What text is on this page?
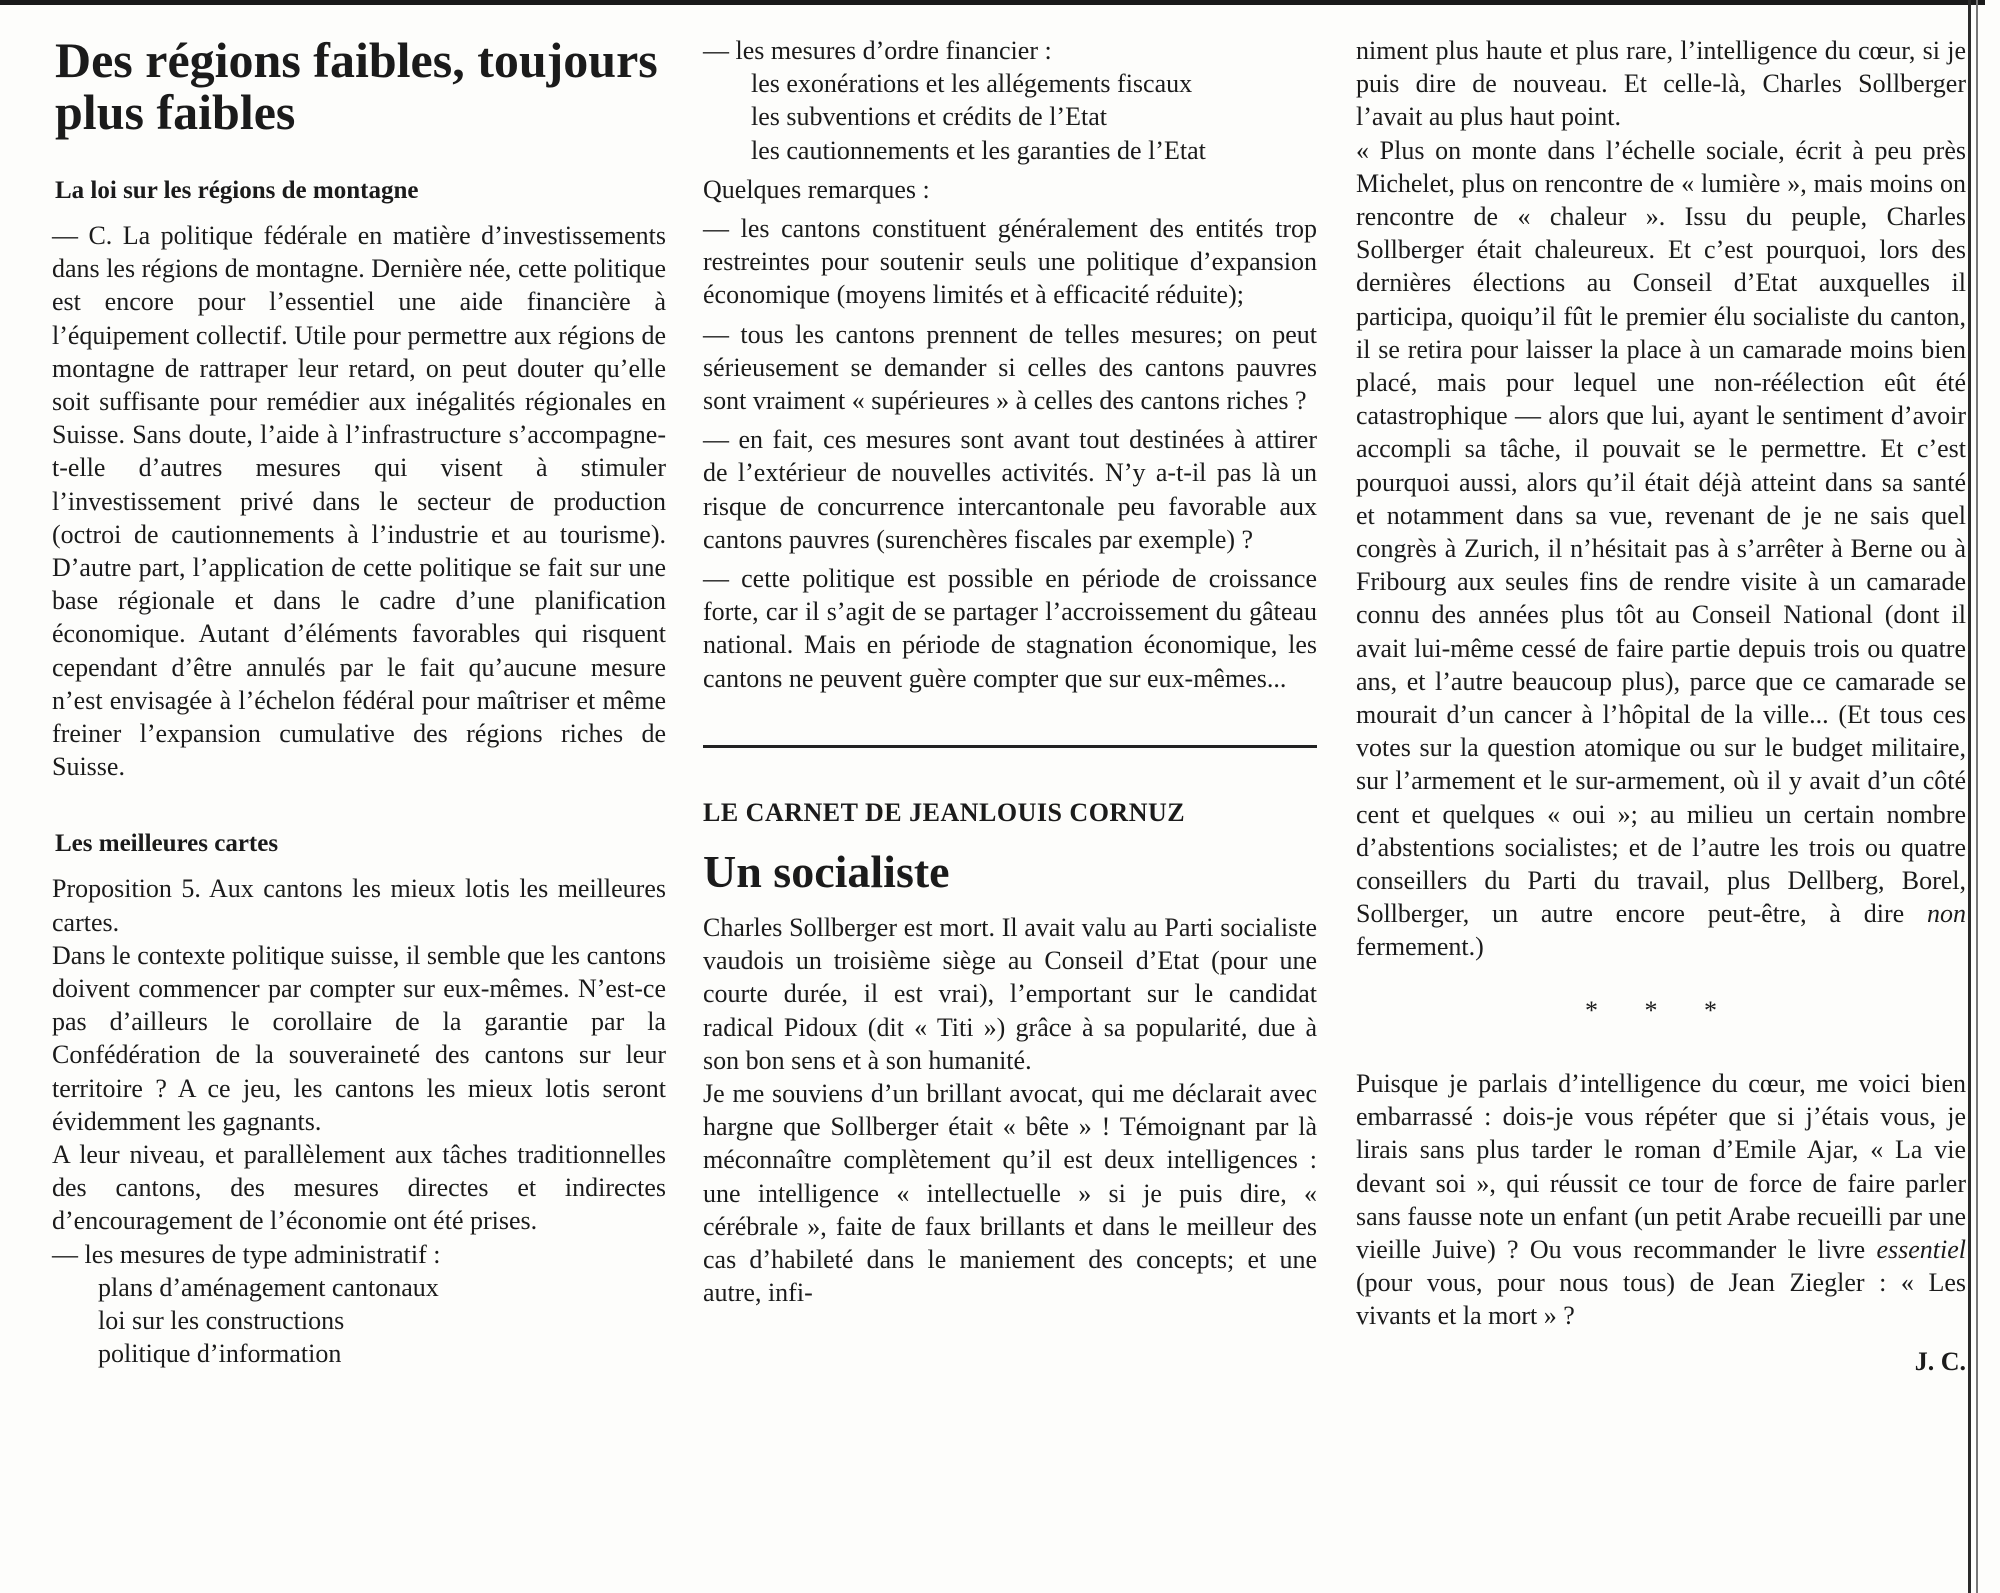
Des régions faibles, toujours plus faibles
La loi sur les régions de montagne

— C. La politique fédérale en matière d’investissements dans les régions de montagne. Dernière née, cette politique est encore pour l’essentiel une aide financière à l’équipement collectif. Utile pour permettre aux régions de montagne de rattraper leur retard, on peut douter qu’elle soit suffisante pour remédier aux inégalités régionales en Suisse. Sans doute, l’aide à l’infrastructure s’accompagne-t-elle d’autres mesures qui visent à stimuler l’investissement privé dans le secteur de production (octroi de cautionnements à l’industrie et au tourisme). D’autre part, l’application de cette politique se fait sur une base régionale et dans le cadre d’une planification économique. Autant d’éléments favorables qui risquent cependant d’être annulés par le fait qu’aucune mesure n’est envisagée à l’échelon fédéral pour maîtriser et même freiner l’expansion cumulative des régions riches de Suisse.

Les meilleures cartes

Proposition 5. Aux cantons les mieux lotis les meilleures cartes.

Dans le contexte politique suisse, il semble que les cantons doivent commencer par compter sur eux-mêmes. N’est-ce pas d’ailleurs le corollaire de la garantie par la Confédération de la souveraineté des cantons sur leur territoire ? A ce jeu, les cantons les mieux lotis seront évidemment les gagnants.

A leur niveau, et parallèlement aux tâches traditionnelles des cantons, des mesures directes et indirectes d’encouragement de l’économie ont été prises.

— les mesures de type administratif :

plans d’aménagement cantonaux

loi sur les constructions

politique d’information

— les mesures d’ordre financier :

les exonérations et les allégements fiscaux

les subventions et crédits de l’Etat

les cautionnements et les garanties de l’Etat

Quelques remarques :

— les cantons constituent généralement des entités trop restreintes pour soutenir seuls une politique d’expansion économique (moyens limités et à efficacité réduite);

— tous les cantons prennent de telles mesures; on peut sérieusement se demander si celles des cantons pauvres sont vraiment « supérieures » à celles des cantons riches ?

— en fait, ces mesures sont avant tout destinées à attirer de l’extérieur de nouvelles activités. N’y a-t-il pas là un risque de concurrence intercantonale peu favorable aux cantons pauvres (surenchères fiscales par exemple) ?

— cette politique est possible en période de croissance forte, car il s’agit de se partager l’accroissement du gâteau national. Mais en période de stagnation économique, les cantons ne peuvent guère compter que sur eux-mêmes...

LE CARNET DE JEANLOUIS CORNUZ
Un socialiste

Charles Sollberger est mort. Il avait valu au Parti socialiste vaudois un troisième siège au Conseil d’Etat (pour une courte durée, il est vrai), l’emportant sur le candidat radical Pidoux (dit « Titi ») grâce à sa popularité, due à son bon sens et à son humanité.

Je me souviens d’un brillant avocat, qui me déclarait avec hargne que Sollberger était « bête » ! Témoignant par là méconnaître complètement qu’il est deux intelligences : une intelligence « intellectuelle » si je puis dire, « cérébrale », faite de faux brillants et dans le meilleur des cas d’habileté dans le maniement des concepts; et une autre, infi-

niment plus haute et plus rare, l’intelligence du cœur, si je puis dire de nouveau. Et celle-là, Charles Sollberger l’avait au plus haut point.

« Plus on monte dans l’échelle sociale, écrit à peu près Michelet, plus on rencontre de « lumière », mais moins on rencontre de « chaleur ». Issu du peuple, Charles Sollberger était chaleureux. Et c’est pourquoi, lors des dernières élections au Conseil d’Etat auxquelles il participa, quoiqu’il fût le premier élu socialiste du canton, il se retira pour laisser la place à un camarade moins bien placé, mais pour lequel une non-réélection eût été catastrophique — alors que lui, ayant le sentiment d’avoir accompli sa tâche, il pouvait se le permettre. Et c’est pourquoi aussi, alors qu’il était déjà atteint dans sa santé et notamment dans sa vue, revenant de je ne sais quel congrès à Zurich, il n’hésitait pas à s’arrêter à Berne ou à Fribourg aux seules fins de rendre visite à un camarade connu des années plus tôt au Conseil National (dont il avait lui-même cessé de faire partie depuis trois ou quatre ans, et l’autre beaucoup plus), parce que ce camarade se mourait d’un cancer à l’hôpital de la ville... (Et tous ces votes sur la question atomique ou sur le budget militaire, sur l’armement et le sur-armement, où il y avait d’un côté cent et quelques « oui »; au milieu un certain nombre d’abstentions socialistes; et de l’autre les trois ou quatre conseillers du Parti du travail, plus Dellberg, Borel, Sollberger, un autre encore peut-être, à dire non fermement.)

* * *

Puisque je parlais d’intelligence du cœur, me voici bien embarrassé : dois-je vous répéter que si j’étais vous, je lirais sans plus tarder le roman d’Emile Ajar, « La vie devant soi », qui réussit ce tour de force de faire parler sans fausse note un enfant (un petit Arabe recueilli par une vieille Juive) ? Ou vous recommander le livre essentiel (pour vous, pour nous tous) de Jean Ziegler : « Les vivants et la mort » ?

J. C.
